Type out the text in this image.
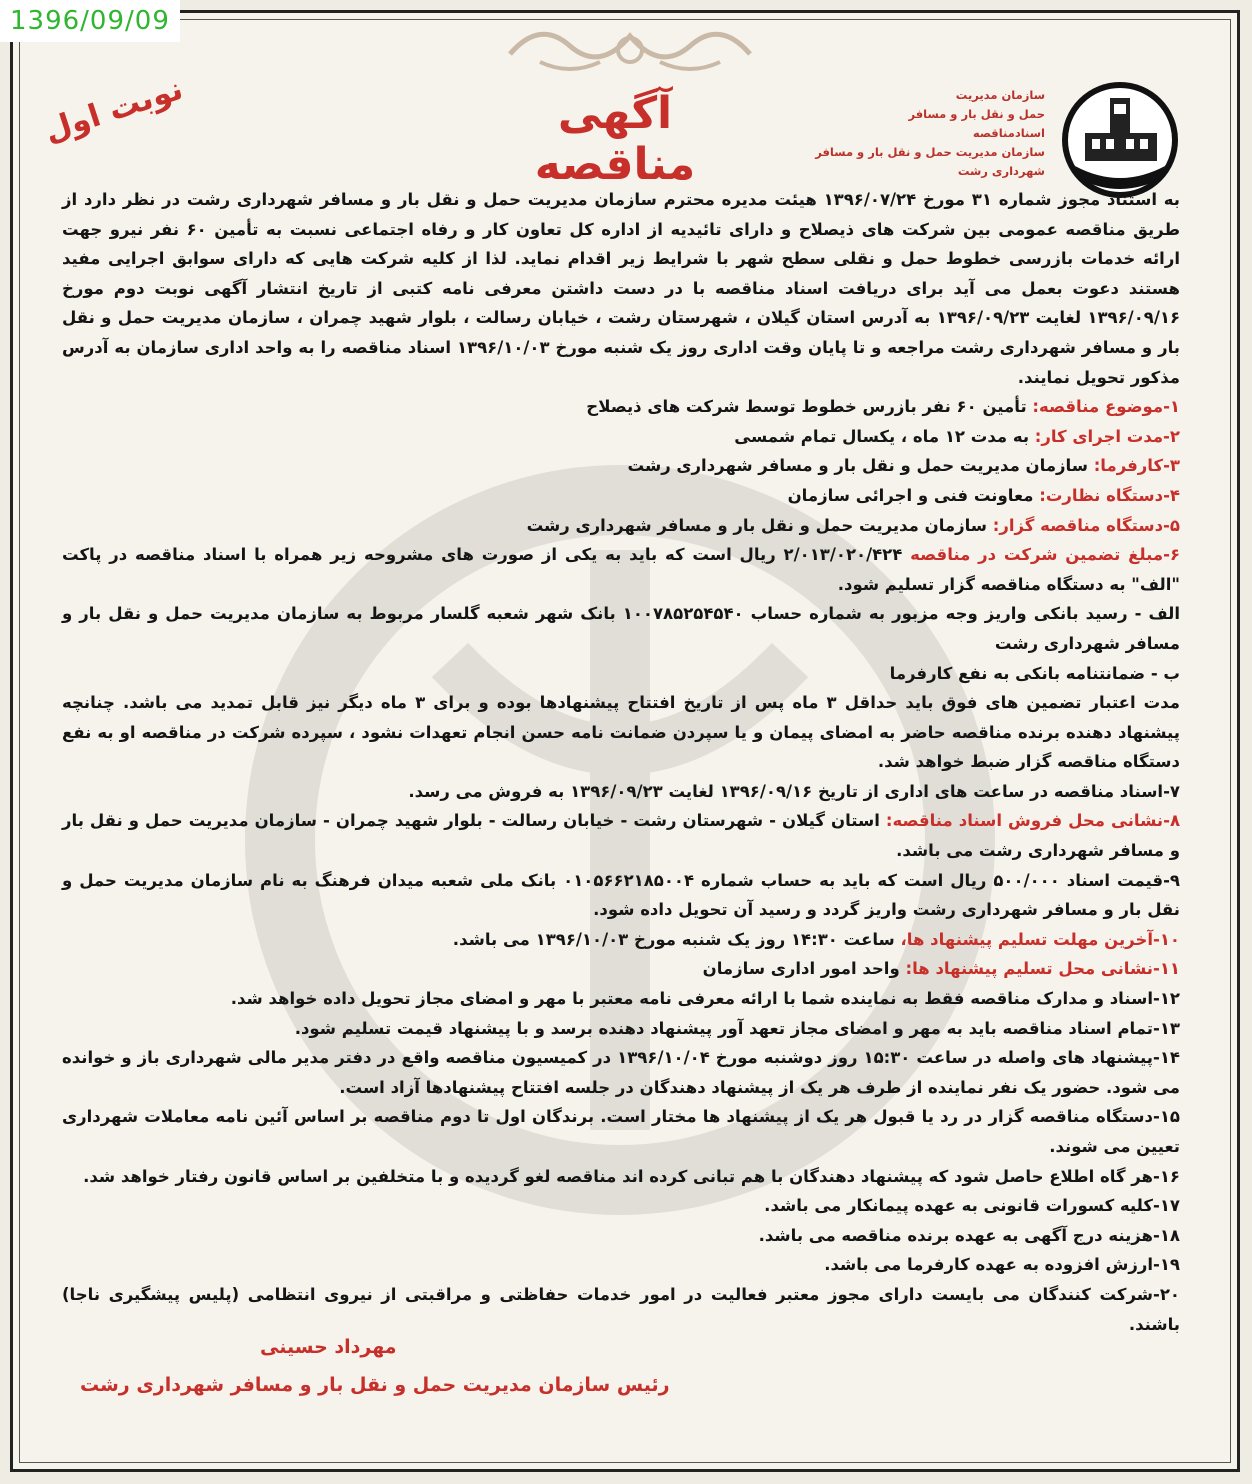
1396/09/09
سازمان مدیریت
حمل و نقل بار و مسافر
اسنادمناقصه
سازمان مدیریت حمل و نقل بار و مسافر شهرداری رشت
آگهی مناقصه
نوبت اول

به استناد مجوز شماره ۳۱ مورخ ۱۳۹۶/۰۷/۲۴ هیئت مدیره محترم سازمان مدیریت حمل و نقل بار و مسافر شهرداری رشت در نظر دارد از طریق مناقصه عمومی بین شرکت های ذیصلاح و دارای تائیدیه از اداره کل تعاون کار و رفاه اجتماعی نسبت به تأمین ۶۰ نفر نیرو جهت ارائه خدمات بازرسی خطوط حمل و نقلی سطح شهر با شرایط زیر اقدام نماید. لذا از کلیه شرکت هایی که دارای سوابق اجرایی مفید هستند دعوت بعمل می آید برای دریافت اسناد مناقصه با در دست داشتن معرفی نامه کتبی از تاریخ انتشار آگهی نوبت دوم مورخ ۱۳۹۶/۰۹/۱۶ لغایت ۱۳۹۶/۰۹/۲۳ به آدرس استان گیلان ، شهرستان رشت ، خیابان رسالت ، بلوار شهید چمران ، سازمان مدیریت حمل و نقل بار و مسافر شهرداری رشت مراجعه و تا پایان وقت اداری روز یک شنبه مورخ ۱۳۹۶/۱۰/۰۳ اسناد مناقصه را به واحد اداری سازمان به آدرس مذکور تحویل نمایند.

۱-موضوع مناقصه: تأمین ۶۰ نفر بازرس خطوط توسط شرکت های ذیصلاح

۲-مدت اجرای کار: به مدت ۱۲ ماه ، یکسال تمام شمسی

۳-کارفرما: سازمان مدیریت حمل و نقل بار و مسافر شهرداری رشت

۴-دستگاه نظارت: معاونت فنی و اجرائی سازمان

۵-دستگاه مناقصه گزار: سازمان مدیریت حمل و نقل بار و مسافر شهرداری رشت

۶-مبلغ تضمین شرکت در مناقصه ۲/۰۱۳/۰۲۰/۴۲۴ ریال است که باید به یکی از صورت های مشروحه زیر همراه با اسناد مناقصه در پاکت "الف" به دستگاه مناقصه گزار تسلیم شود.

الف - رسید بانکی واریز وجه مزبور به شماره حساب ۱۰۰۷۸۵۲۵۴۵۴۰ بانک شهر شعبه گلسار مربوط به سازمان مدیریت حمل و نقل بار و مسافر شهرداری رشت

ب - ضمانتنامه بانکی به نفع کارفرما

مدت اعتبار تضمین های فوق باید حداقل ۳ ماه پس از تاریخ افتتاح پیشنهادها بوده و برای ۳ ماه دیگر نیز قابل تمدید می باشد. چنانچه پیشنهاد دهنده برنده مناقصه حاضر به امضای پیمان و یا سپردن ضمانت نامه حسن انجام تعهدات نشود ، سپرده شرکت در مناقصه او به نفع دستگاه مناقصه گزار ضبط خواهد شد.

۷-اسناد مناقصه در ساعت های اداری از تاریخ ۱۳۹۶/۰۹/۱۶ لغایت ۱۳۹۶/۰۹/۲۳ به فروش می رسد.

۸-نشانی محل فروش اسناد مناقصه: استان گیلان - شهرستان رشت - خیابان رسالت - بلوار شهید چمران - سازمان مدیریت حمل و نقل بار و مسافر شهرداری رشت می باشد.

۹-قیمت اسناد ۵۰۰/۰۰۰ ریال است که باید به حساب شماره ۰۱۰۵۶۶۲۱۸۵۰۰۴ بانک ملی شعبه میدان فرهنگ به نام سازمان مدیریت حمل و نقل بار و مسافر شهرداری رشت واریز گردد و رسید آن تحویل داده شود.

۱۰-آخرین مهلت تسلیم پیشنهاد ها، ساعت ۱۴:۳۰ روز یک شنبه مورخ ۱۳۹۶/۱۰/۰۳ می باشد.

۱۱-نشانی محل تسلیم پیشنهاد ها: واحد امور اداری سازمان

۱۲-اسناد و مدارک مناقصه فقط به نماینده شما با ارائه معرفی نامه معتبر با مهر و امضای مجاز تحویل داده خواهد شد.

۱۳-تمام اسناد مناقصه باید به مهر و امضای مجاز تعهد آور پیشنهاد دهنده برسد و با پیشنهاد قیمت تسلیم شود.

۱۴-پیشنهاد های واصله در ساعت ۱۵:۳۰ روز دوشنبه مورخ ۱۳۹۶/۱۰/۰۴ در کمیسیون مناقصه واقع در دفتر مدیر مالی شهرداری باز و خوانده می شود. حضور یک نفر نماینده از طرف هر یک از پیشنهاد دهندگان در جلسه افتتاح پیشنهادها آزاد است.

۱۵-دستگاه مناقصه گزار در رد یا قبول هر یک از پیشنهاد ها مختار است. برندگان اول تا دوم مناقصه بر اساس آئین نامه معاملات شهرداری تعیین می شوند.

۱۶-هر گاه اطلاع حاصل شود که پیشنهاد دهندگان با هم تبانی کرده اند مناقصه لغو گردیده و با متخلفین بر اساس قانون رفتار خواهد شد.

۱۷-کلیه کسورات قانونی به عهده پیمانکار می باشد.

۱۸-هزینه درج آگهی به عهده برنده مناقصه می باشد.

۱۹-ارزش افزوده به عهده کارفرما می باشد.

۲۰-شرکت کنندگان می بایست دارای مجوز معتبر فعالیت در امور خدمات حفاظتی و مراقبتی از نیروی انتظامی (پلیس پیشگیری ناجا) باشند.

مهرداد حسینی
رئیس سازمان مدیریت حمل و نقل بار و مسافر شهرداری رشت
